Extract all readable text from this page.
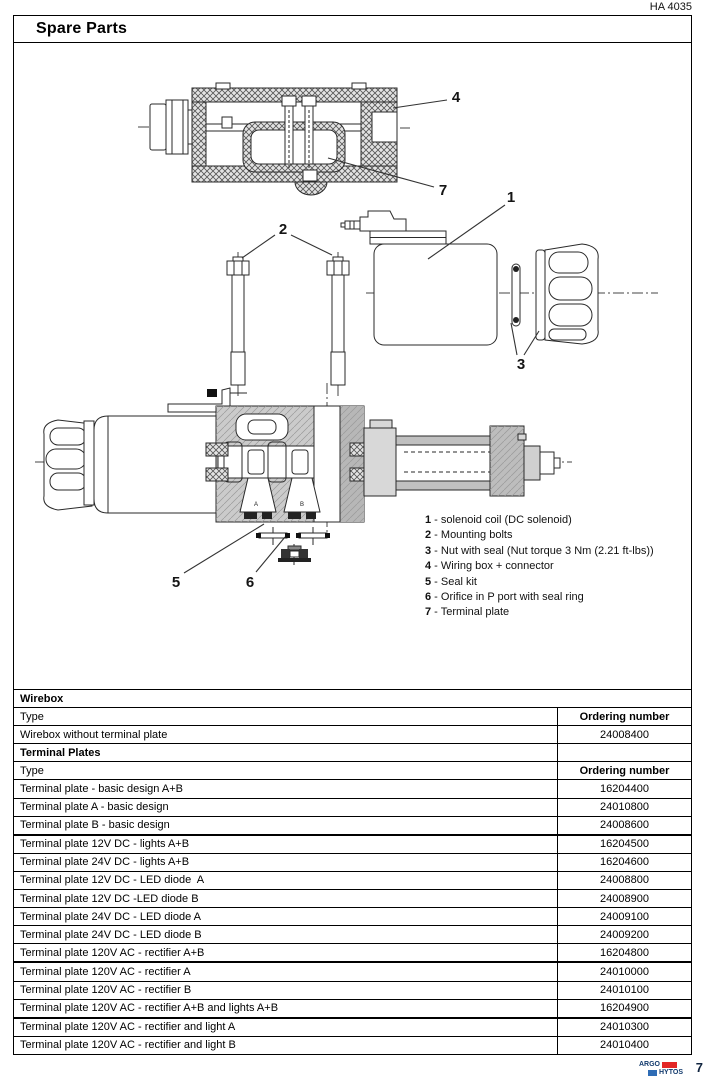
HA 4035
Spare Parts
4
7
2
1
3
A	B
5	6
1 - solenoid coil (DC solenoid)
2 - Mounting bolts
3 - Nut with seal (Nut torque 3 Nm (2.21 ft-lbs))
4 - Wiring box + connector
5 - Seal kit
6 - Orifice in P port with seal ring
7 - Terminal plate
Wirebox
Type	Ordering number
Wirebox without terminal plate	24008400
Terminal Plates
Type	Ordering number
Terminal plate - basic design A+B	16204400
Terminal plate A - basic design	24010800
Terminal plate B - basic design	24008600
Terminal plate 12V DC - lights A+B	16204500
Terminal plate 24V DC - lights A+B	16204600
Terminal plate 12V DC - LED diode  A	24008800
Terminal plate 12V DC -LED diode B	24008900
Terminal plate 24V DC - LED diode A	24009100
Terminal plate 24V DC - LED diode B	24009200
Terminal plate 120V AC - rectifier A+B	16204800
Terminal plate 120V AC - rectifier A	24010000
Terminal plate 120V AC - rectifier B	24010100
Terminal plate 120V AC - rectifier A+B and lights A+B	16204900
Terminal plate 120V AC - rectifier and light A	24010300
Terminal plate 120V AC - rectifier and light B	24010400
ARGO
HYTOS 7
